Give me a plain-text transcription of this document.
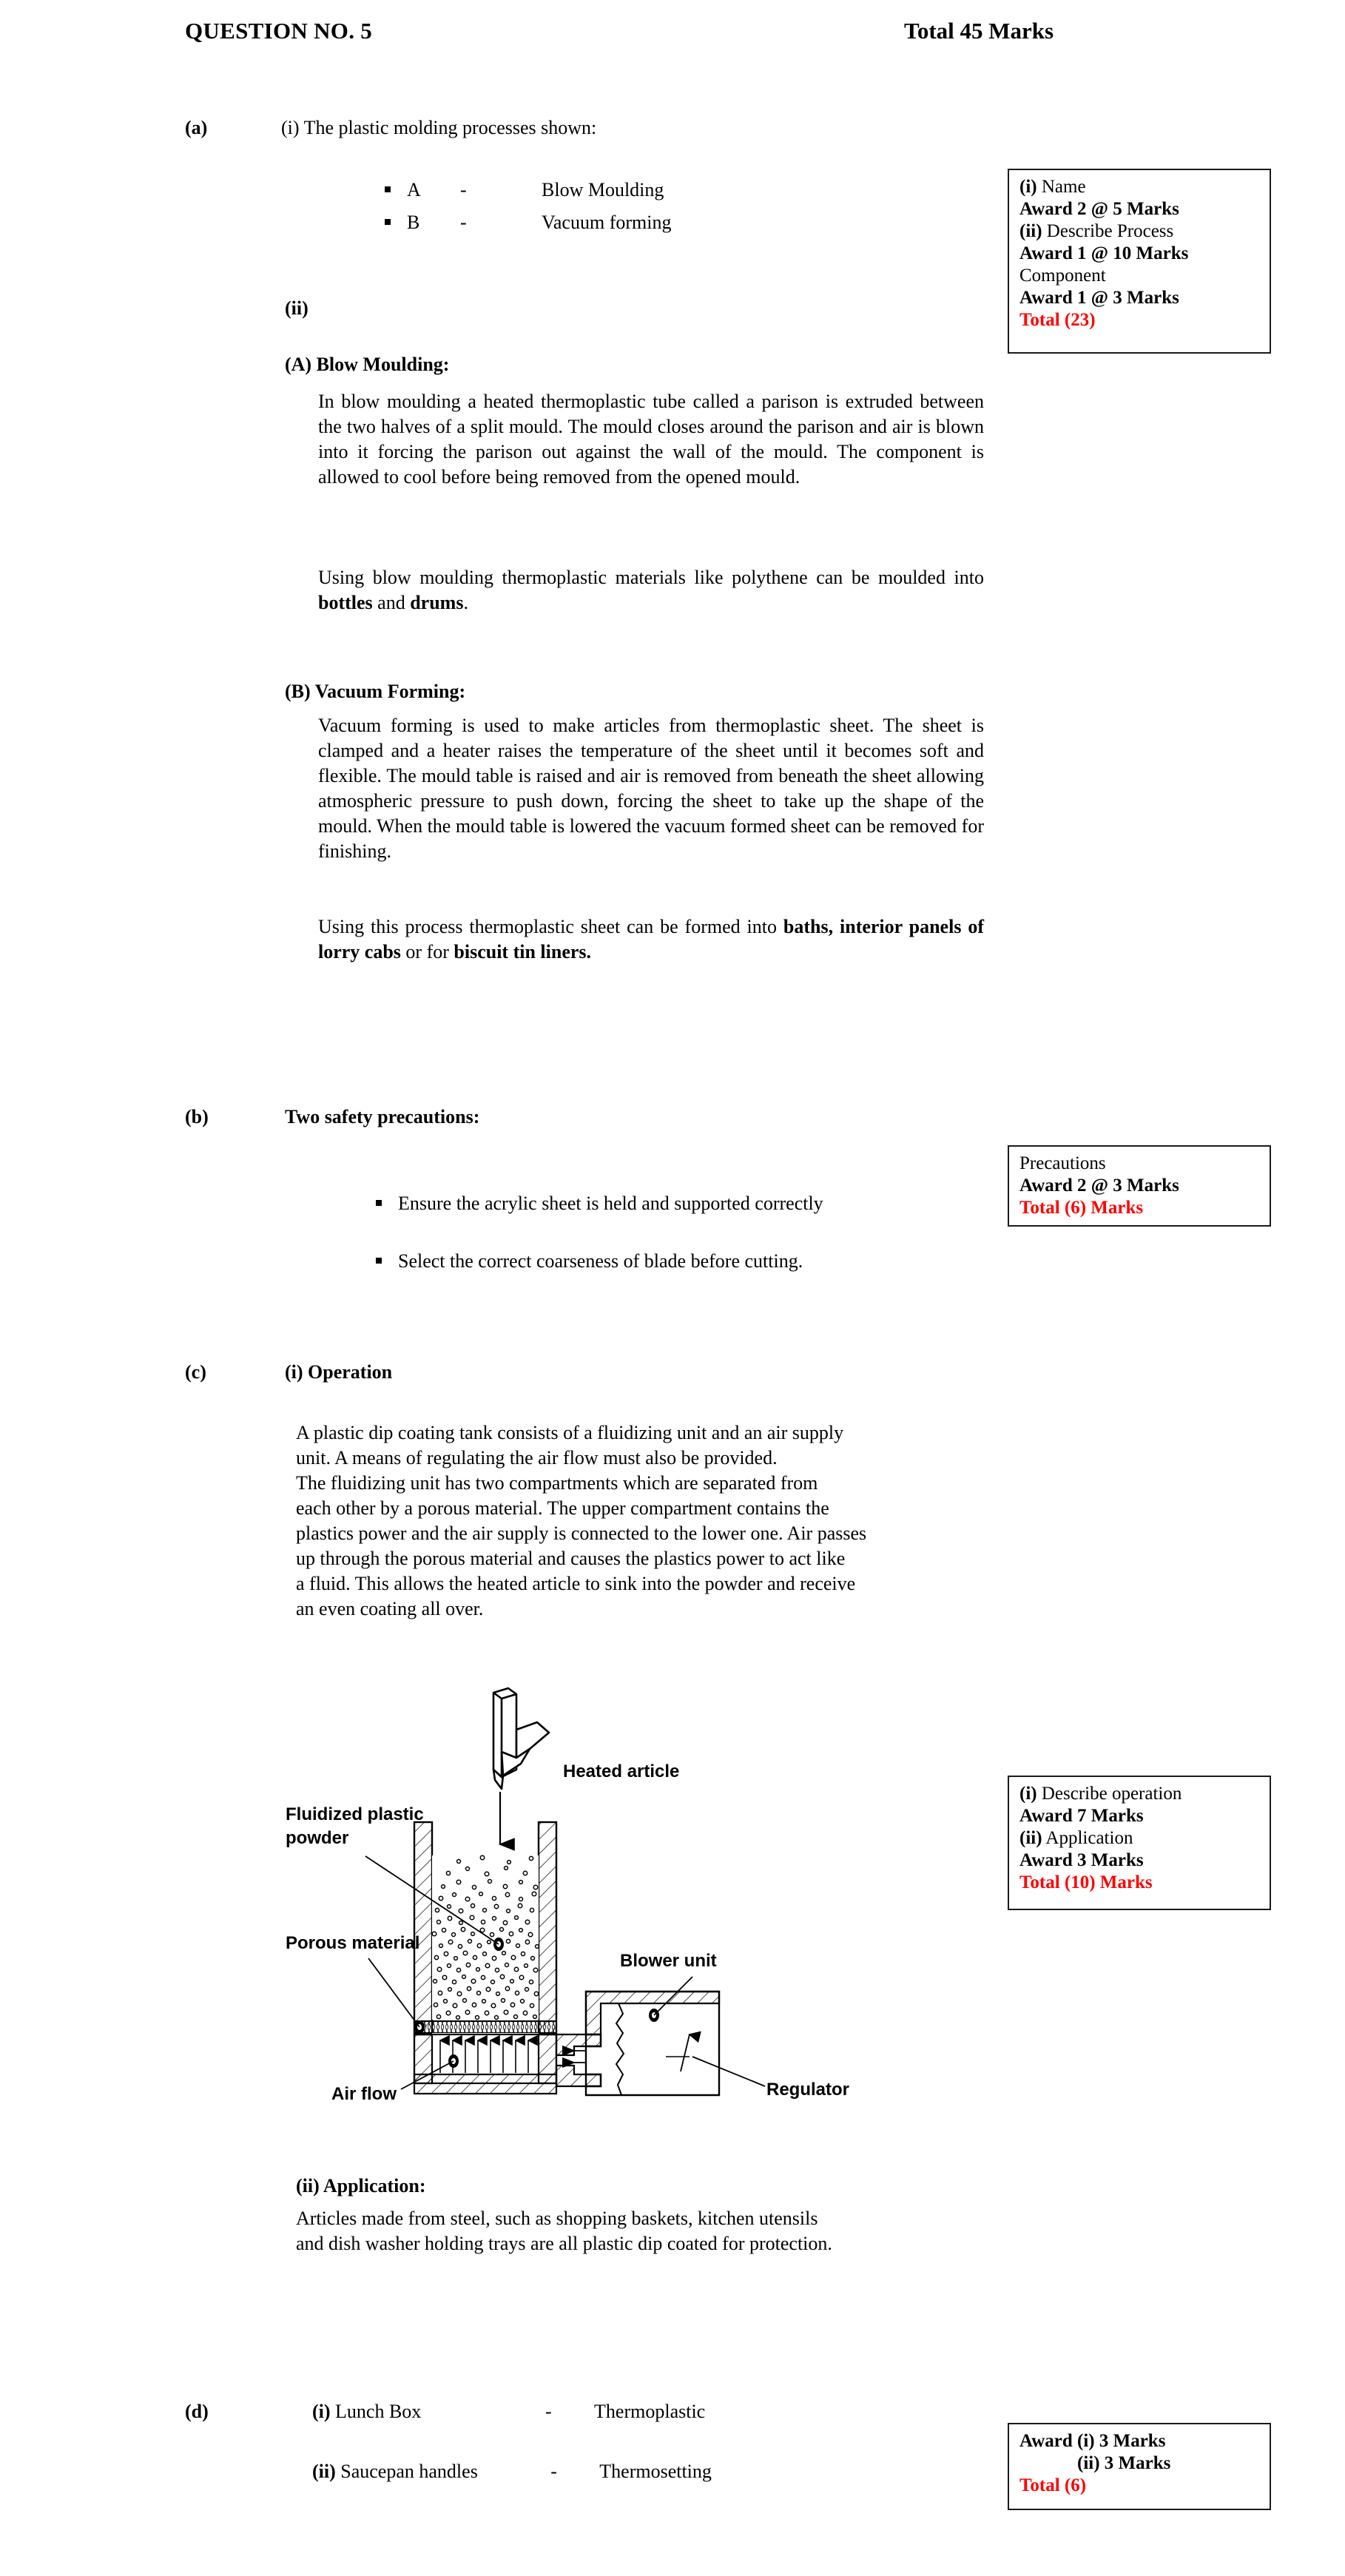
QUESTION NO. 5	Total 45 Marks
(a)	(i) The plastic molding processes shown:
A -	Blow Moulding
B -	Vacuum forming
(ii)
(A) Blow Moulding:
In blow moulding a heated thermoplastic tube called a parison is extruded between the two halves of a split mould. The mould closes around the parison and air is blown into it forcing the parison out against the wall of the mould. The component is allowed to cool before being removed from the opened mould.
Using blow moulding thermoplastic materials like polythene can be moulded into bottles and drums.
(B) Vacuum Forming:
Vacuum forming is used to make articles from thermoplastic sheet. The sheet is clamped and a heater raises the temperature of the sheet until it becomes soft and flexible. The mould table is raised and air is removed from beneath the sheet allowing atmospheric pressure to push down, forcing the sheet to take up the shape of the mould. When the mould table is lowered the vacuum formed sheet can be removed for finishing.
Using this process thermoplastic sheet can be formed into baths, interior panels of lorry cabs or for biscuit tin liners.
(i) Name
Award 2 @ 5 Marks
(ii) Describe Process
Award 1 @ 10 Marks
Component
Award 1 @ 3 Marks
Total (23)
(b)	Two safety precautions:
Ensure the acrylic sheet is held and supported correctly
Select the correct coarseness of blade before cutting.
Precautions
Award 2 @ 3 Marks
Total (6) Marks
(c)	(i) Operation
A plastic dip coating tank consists of a fluidizing unit and an air supply
unit. A means of regulating the air flow must also be provided.
The fluidizing unit has two compartments which are separated from
each other by a porous material. The upper compartment contains the
plastics power and the air supply is connected to the lower one. Air passes
up through the porous material and causes the plastics power to act like
a fluid. This allows the heated article to sink into the powder and receive
an even coating all over.
Heated article
Fluidized plastic
powder
Porous material
Air flow
Blower unit
Regulator
(i) Describe operation
Award 7 Marks
(ii) Application
Award 3 Marks
Total (10) Marks
(ii) Application:
Articles made from steel, such as shopping baskets, kitchen utensils
and dish washer holding trays are all plastic dip coated for protection.
(d)	(i) Lunch Box	- Thermoplastic
(ii) Saucepan handles	- Thermosetting
Award (i) 3 Marks
(ii) 3 Marks
Total (6)
